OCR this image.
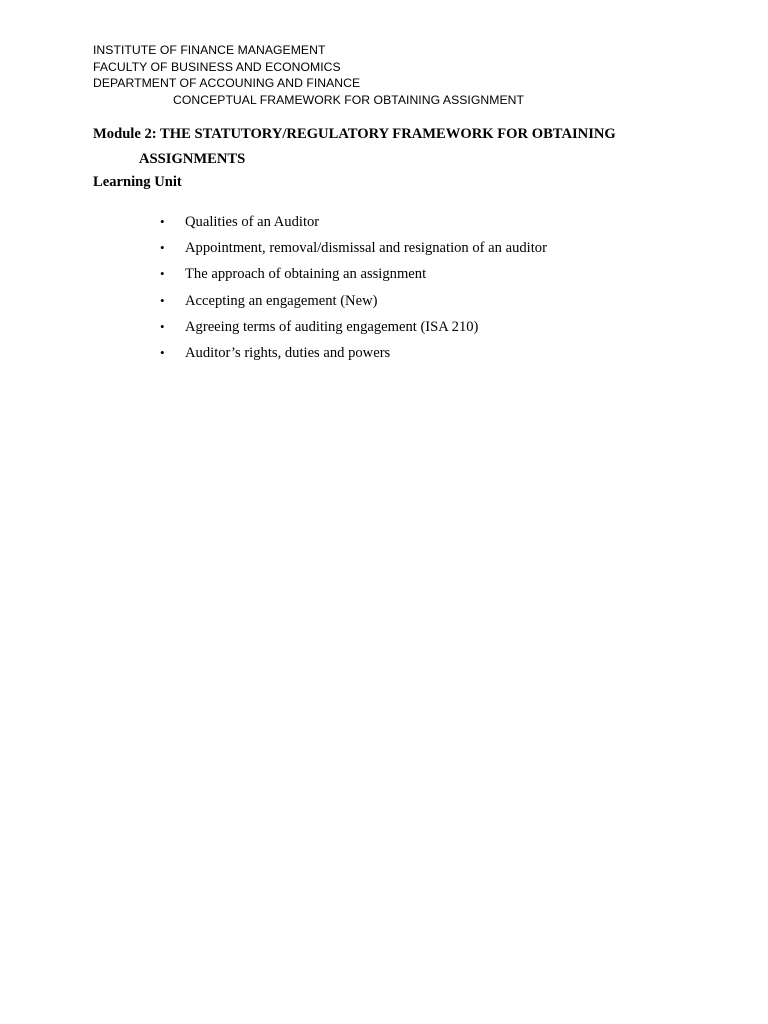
INSTITUTE OF FINANCE MANAGEMENT
FACULTY OF BUSINESS AND ECONOMICS
DEPARTMENT OF ACCOUNING AND FINANCE
CONCEPTUAL FRAMEWORK FOR OBTAINING ASSIGNMENT
Module 2: THE STATUTORY/REGULATORY FRAMEWORK FOR OBTAINING
ASSIGNMENTS
Learning Unit
•	Qualities of an Auditor
•	Appointment, removal/dismissal and resignation of an auditor
•	The approach of obtaining an assignment
•	Accepting an engagement (New)
•	Agreeing terms of auditing engagement (ISA 210)
•	Auditor’s rights, duties and powers
